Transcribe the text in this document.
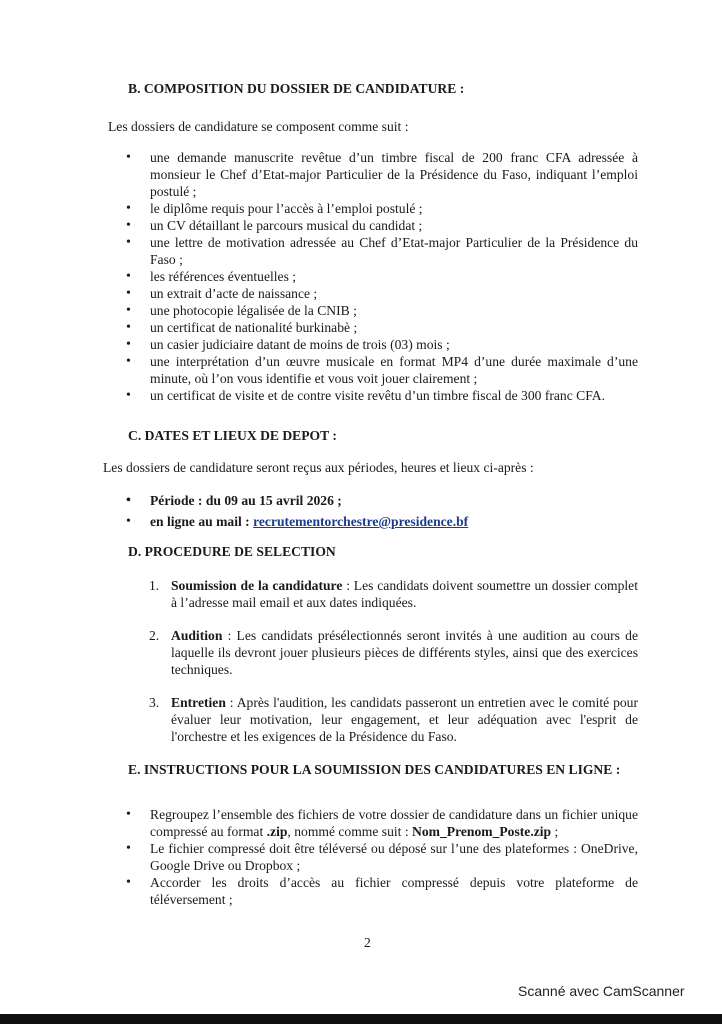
B. COMPOSITION DU DOSSIER DE CANDIDATURE :
Les dossiers de candidature se composent comme suit :
• une demande manuscrite revêtue d’un timbre fiscal de 200 franc CFA adressée à monsieur le Chef d’Etat-major Particulier de la Présidence du Faso, indiquant l’emploi postulé ;
• le diplôme requis pour l’accès à l’emploi postulé ;
• un CV détaillant le parcours musical du candidat ;
• une lettre de motivation adressée au Chef d’Etat-major Particulier de la Présidence du Faso ;
• les références éventuelles ;
• un extrait d’acte de naissance ;
• une photocopie légalisée de la CNIB ;
• un certificat de nationalité burkinabè ;
• un casier judiciaire datant de moins de trois (03) mois ;
• une interprétation d’un œuvre musicale en format MP4 d’une durée maximale d’une minute, où l’on vous identifie et vous voit jouer clairement ;
• un certificat de visite et de contre visite revêtu d’un timbre fiscal de 300 franc CFA.
C. DATES ET LIEUX DE DEPOT :
Les dossiers de candidature seront reçus aux périodes, heures et lieux ci-après :
• Période : du 09 au 15 avril 2026 ;
• en ligne au mail : recrutementorchestre@presidence.bf
D. PROCEDURE DE SELECTION
1. Soumission de la candidature : Les candidats doivent soumettre un dossier complet à l’adresse mail email et aux dates indiquées.
2. Audition : Les candidats présélectionnés seront invités à une audition au cours de laquelle ils devront jouer plusieurs pièces de différents styles, ainsi que des exercices techniques.
3. Entretien : Après l'audition, les candidats passeront un entretien avec le comité pour évaluer leur motivation, leur engagement, et leur adéquation avec l'esprit de l'orchestre et les exigences de la Présidence du Faso.
E. INSTRUCTIONS POUR LA SOUMISSION DES CANDIDATURES EN LIGNE :
• Regroupez l’ensemble des fichiers de votre dossier de candidature dans un fichier unique compressé au format .zip, nommé comme suit : Nom_Prenom_Poste.zip ;
• Le fichier compressé doit être téléversé ou déposé sur l’une des plateformes : OneDrive, Google Drive ou Dropbox ;
• Accorder les droits d’accès au fichier compressé depuis votre plateforme de téléversement ;
2
Scanné avec CamScanner
